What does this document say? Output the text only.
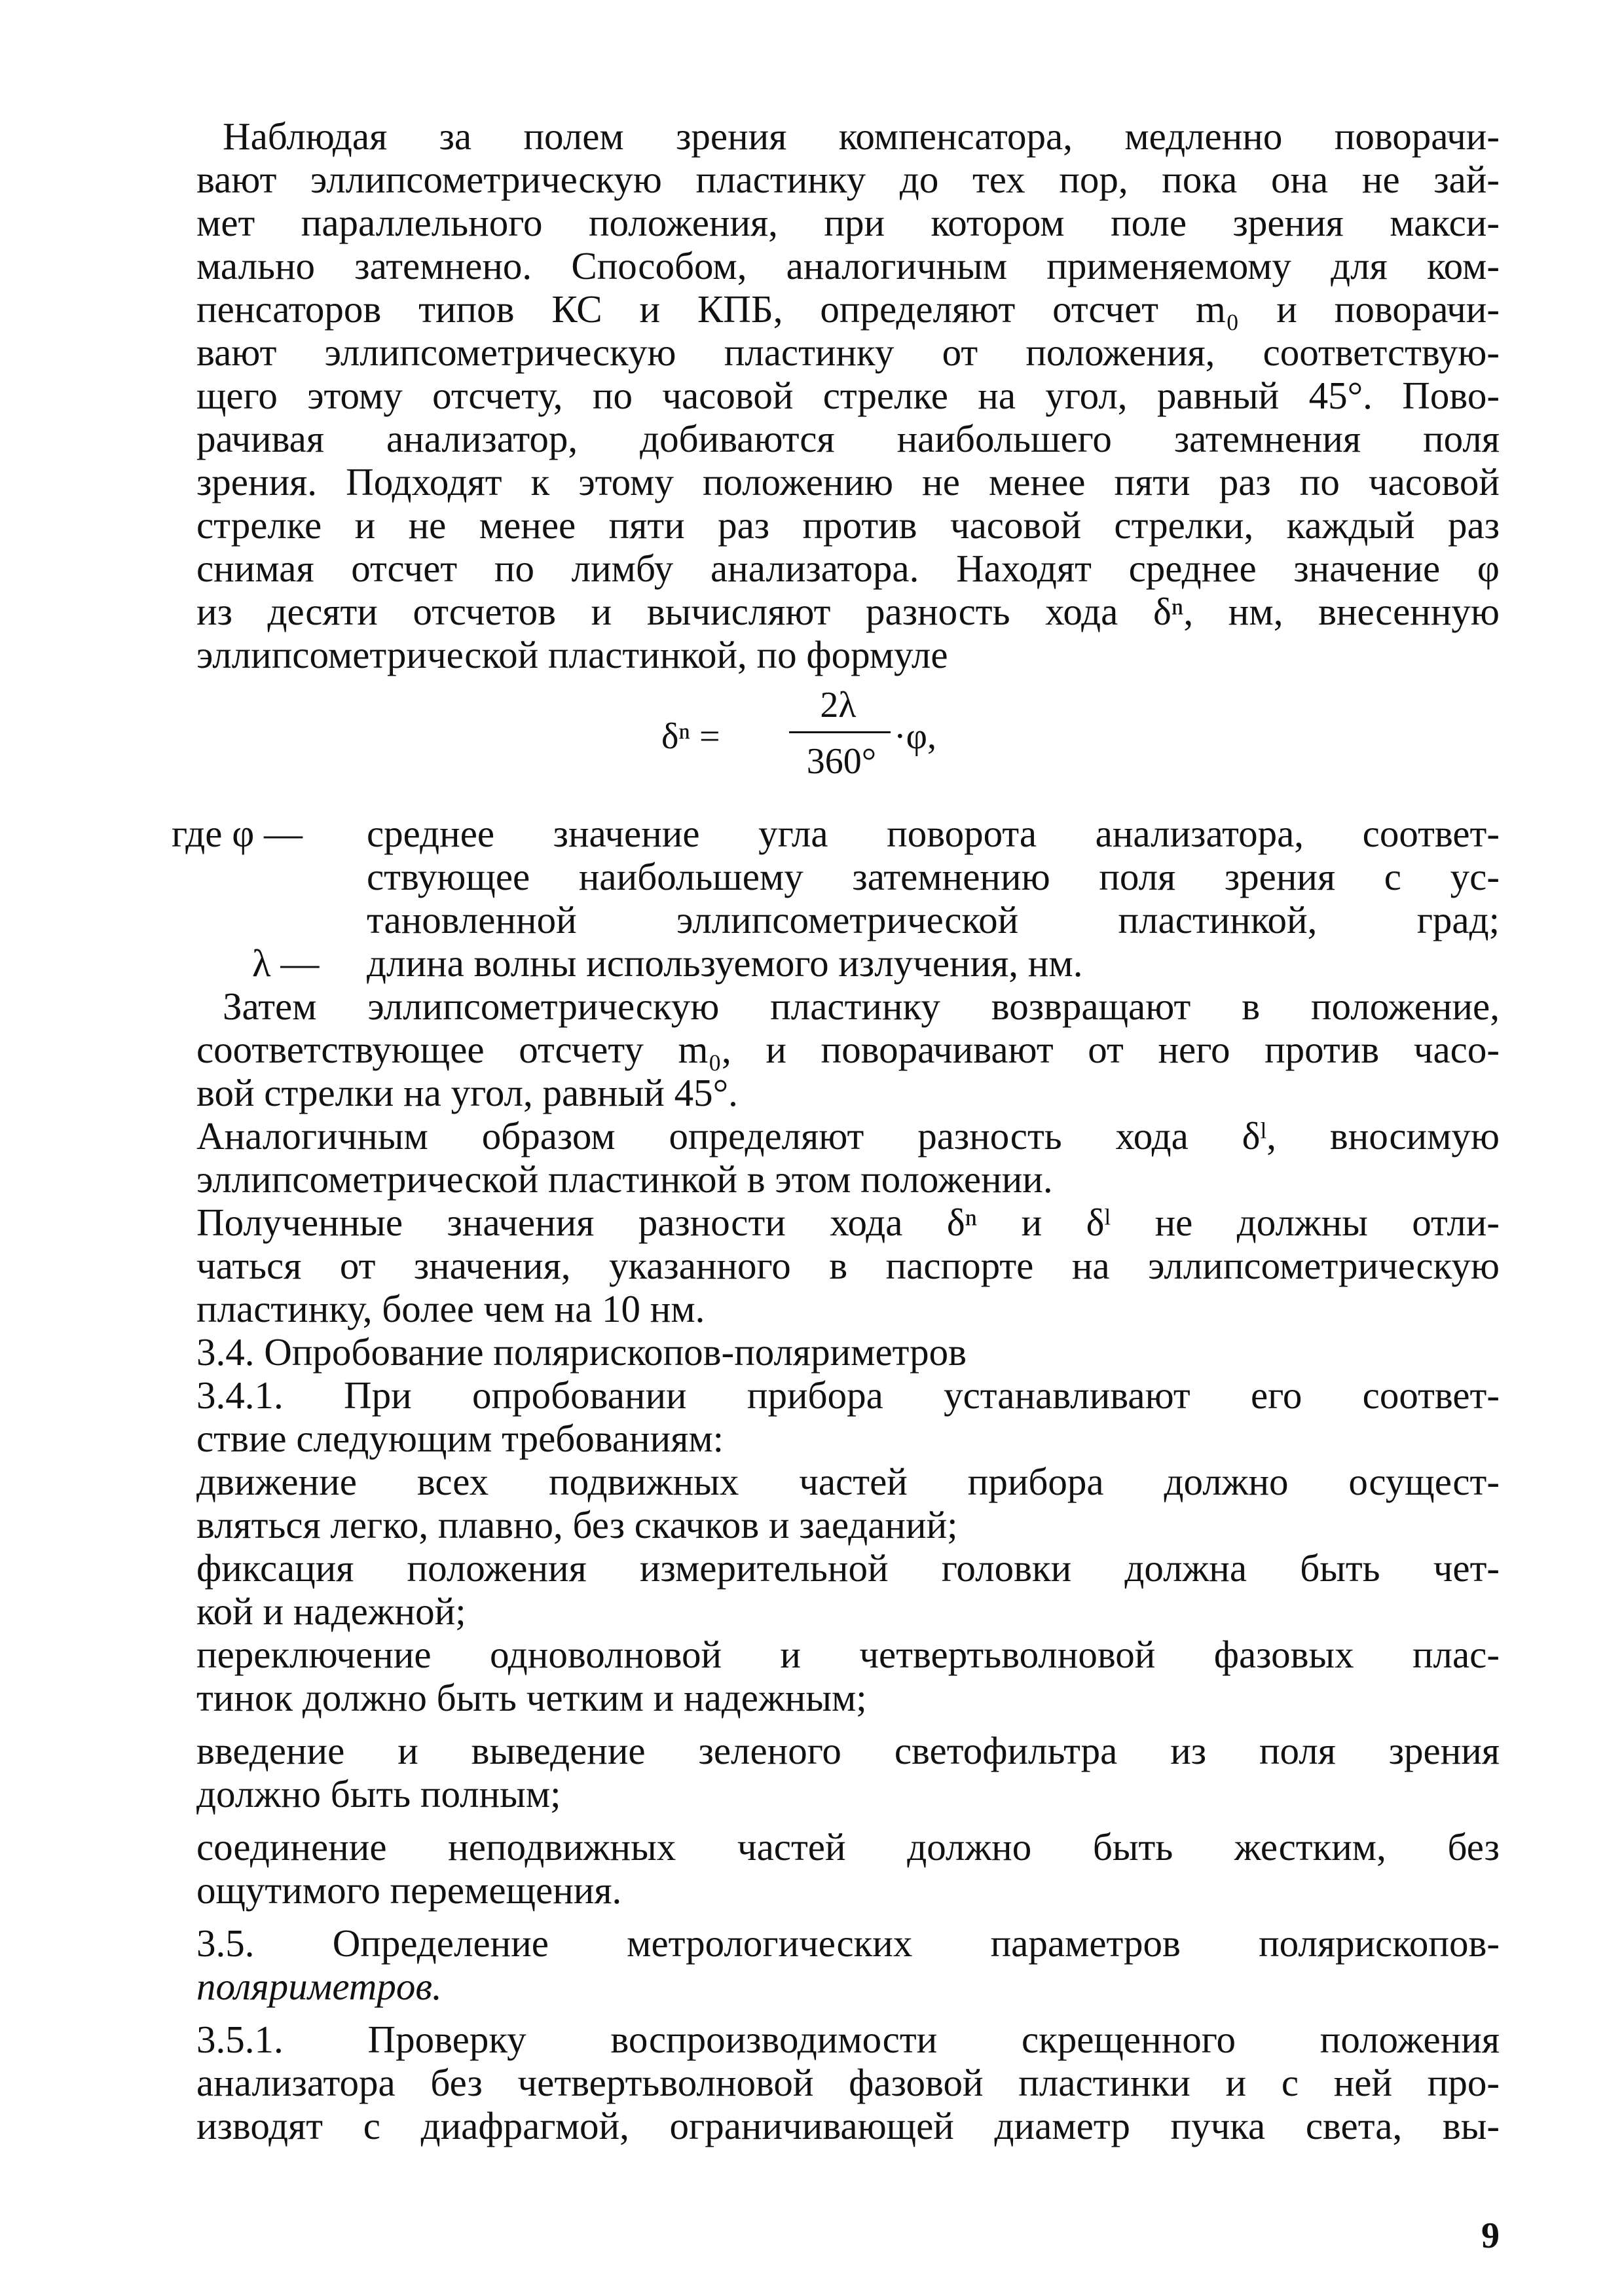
Наблюдая за полем зрения компенсатора, медленно поворачи-
вают эллипсометрическую пластинку до тех пор, пока она не зай-
мет параллельного положения, при котором поле зрения макси-
мально затемнено. Способом, аналогичным применяемому для ком-
пенсаторов типов КС и КПБ, определяют отсчет m₀ и поворачи-
вают эллипсометрическую пластинку от положения, соответствую-
щего этому отсчету, по часовой стрелке на угол, равный 45°. Пово-
рачивая анализатор, добиваются наибольшего затемнения поля
зрения. Подходят к этому положению не менее пяти раз по часовой
стрелке и не менее пяти раз против часовой стрелки, каждый раз
снимая отсчет по лимбу анализатора. Находят среднее значение φ
из десяти отсчетов и вычисляют разность хода δⁿ, нм, внесенную
эллипсометрической пластинкой, по формуле
δⁿ =
2λ
360°
·φ,
где φ — среднее значение угла поворота анализатора, соответ-
ствующее наибольшему затемнению поля зрения с ус-
тановленной эллипсометрической пластинкой, град;
λ — длина волны используемого излучения, нм.
Затем эллипсометрическую пластинку возвращают в положение,
соответствующее отсчету m₀, и поворачивают от него против часо-
вой стрелки на угол, равный 45°.
Аналогичным образом определяют разность хода δˡ, вносимую
эллипсометрической пластинкой в этом положении.
Полученные значения разности хода δⁿ и δˡ не должны отли-
чаться от значения, указанного в паспорте на эллипсометрическую
пластинку, более чем на 10 нм.
3.4. Опробование полярископов-поляриметров
3.4.1. При опробовании прибора устанавливают его соответ-
ствие следующим требованиям:
движение всех подвижных частей прибора должно осущест-
вляться легко, плавно, без скачков и заеданий;
фиксация положения измерительной головки должна быть чет-
кой и надежной;
переключение одноволновой и четвертьволновой фазовых плас-
тинок должно быть четким и надежным;
введение и выведение зеленого светофильтра из поля зрения
должно быть полным;
соединение неподвижных частей должно быть жестким, без
ощутимого перемещения.
3.5. Определение метрологических параметров полярископов-
поляриметров.
3.5.1. Проверку воспроизводимости скрещенного положения
анализатора без четвертьволновой фазовой пластинки и с ней про-
изводят с диафрагмой, ограничивающей диаметр пучка света, вы-
9
